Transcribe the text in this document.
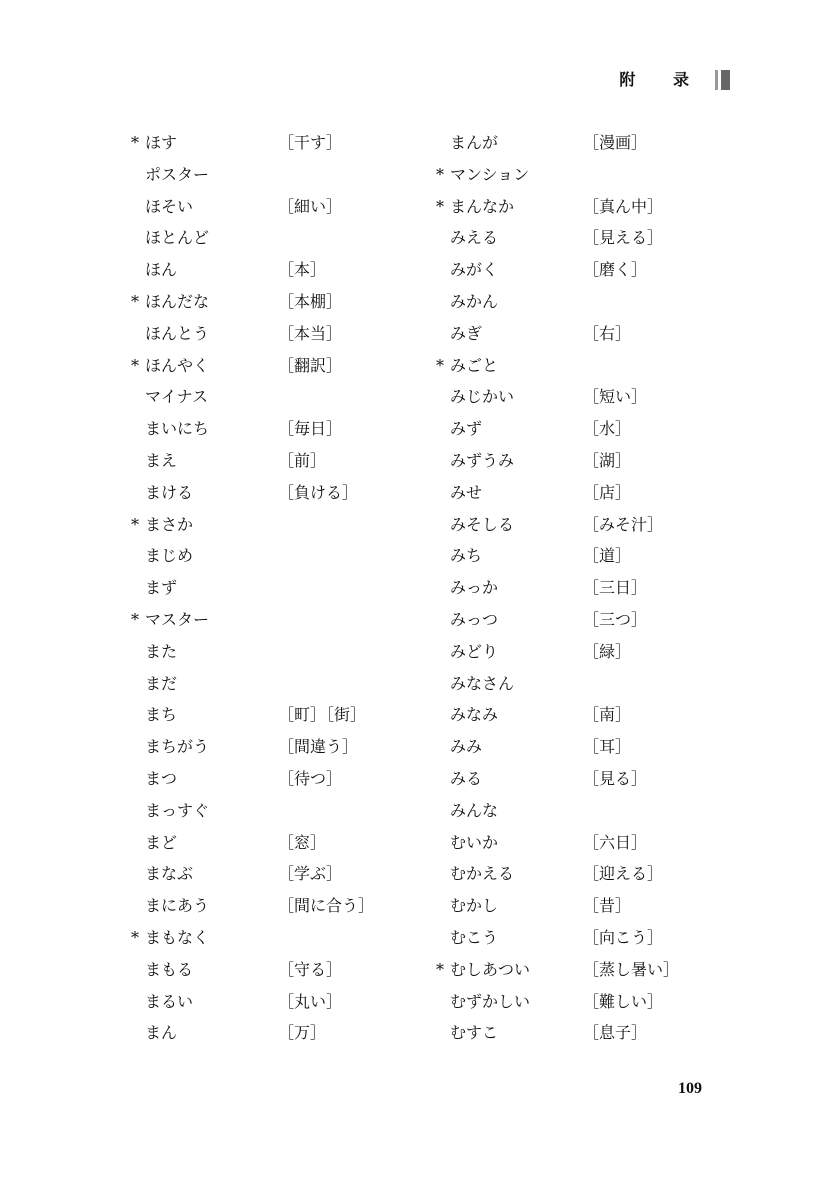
附 录
* ほす	［干す］
ポスター
ほそい	［細い］
ほとんど
ほん	［本］
* ほんだな	［本棚］
ほんとう	［本当］
* ほんやく	［翻訳］
マイナス
まいにち	［毎日］
まえ	［前］
まける	［負ける］
* まさか
まじめ
まず
* マスター
また
まだ
まち	［町］［街］
まちがう	［間違う］
まつ	［待つ］
まっすぐ
まど	［窓］
まなぶ	［学ぶ］
まにあう	［間に合う］
* まもなく
まもる	［守る］
まるい	［丸い］
まん	［万］
まんが	［漫画］
* マンション
* まんなか	［真ん中］
みえる	［見える］
みがく	［磨く］
みかん
みぎ	［右］
* みごと
みじかい	［短い］
みず	［水］
みずうみ	［湖］
みせ	［店］
みそしる	［みそ汁］
みち	［道］
みっか	［三日］
みっつ	［三つ］
みどり	［緑］
みなさん
みなみ	［南］
みみ	［耳］
みる	［見る］
みんな
むいか	［六日］
むかえる	［迎える］
むかし	［昔］
むこう	［向こう］
* むしあつい	［蒸し暑い］
むずかしい	［難しい］
むすこ	［息子］
109
